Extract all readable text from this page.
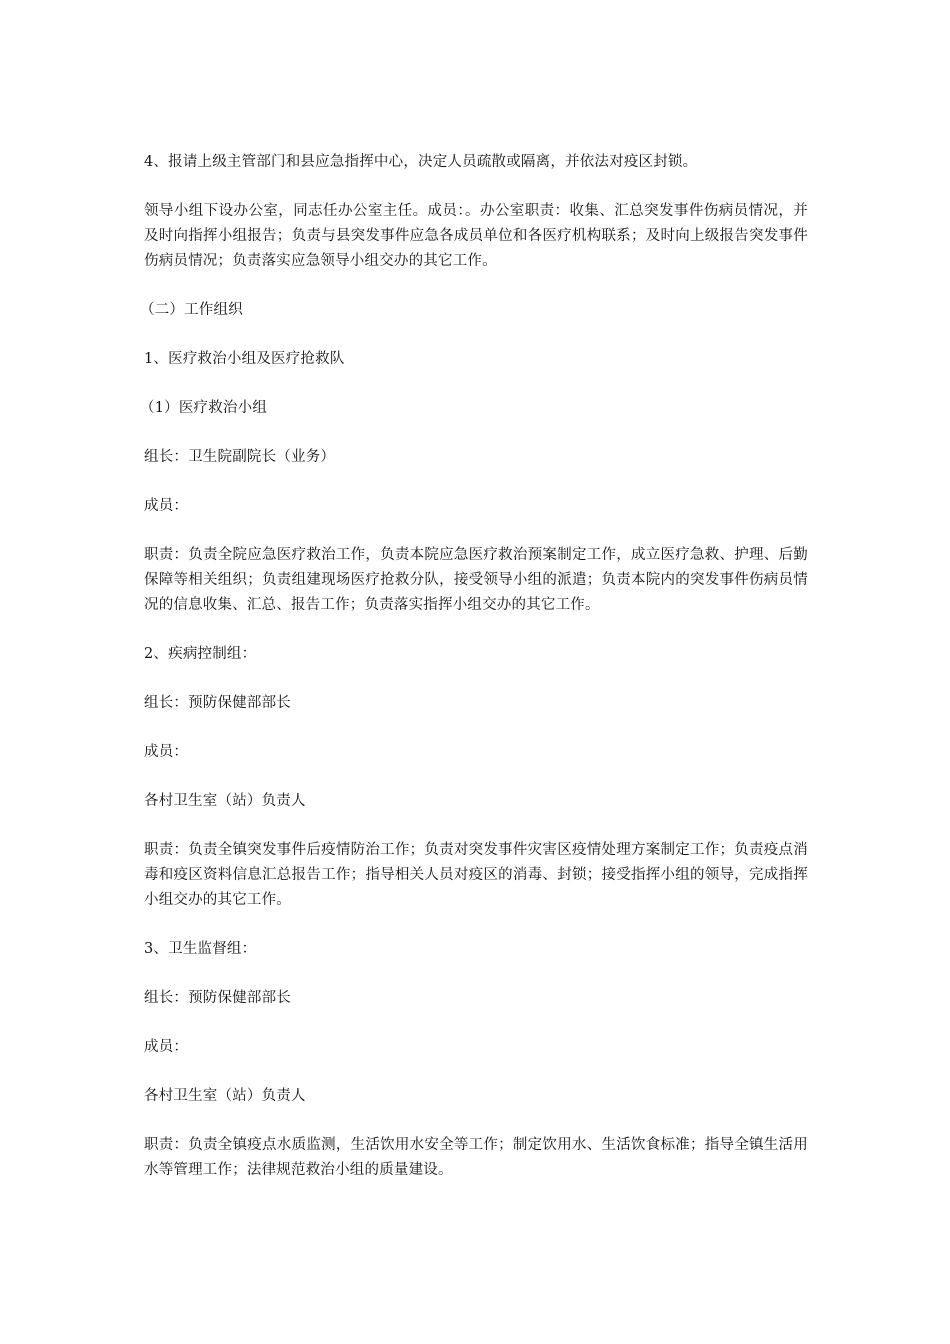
4、报请上级主管部门和县应急指挥中心，决定人员疏散或隔离，并依法对疫区封锁。

领导小组下设办公室，同志任办公室主任。成员：。办公室职责：收集、汇总突发事件伤病员情况，并及时向指挥小组报告；负责与县突发事件应急各成员单位和各医疗机构联系；及时向上级报告突发事件伤病员情况；负责落实应急领导小组交办的其它工作。

（二）工作组织

1、医疗救治小组及医疗抢救队

（1）医疗救治小组

组长：卫生院副院长（业务）

成员：

职责：负责全院应急医疗救治工作，负责本院应急医疗救治预案制定工作，成立医疗急救、护理、后勤保障等相关组织；负责组建现场医疗抢救分队，接受领导小组的派遣；负责本院内的突发事件伤病员情况的信息收集、汇总、报告工作；负责落实指挥小组交办的其它工作。

2、疾病控制组：

组长：预防保健部部长

成员：

各村卫生室（站）负责人

职责：负责全镇突发事件后疫情防治工作；负责对突发事件灾害区疫情处理方案制定工作；负责疫点消毒和疫区资料信息汇总报告工作；指导相关人员对疫区的消毒、封锁；接受指挥小组的领导，完成指挥小组交办的其它工作。

3、卫生监督组：

组长：预防保健部部长

成员：

各村卫生室（站）负责人

职责：负责全镇疫点水质监测，生活饮用水安全等工作；制定饮用水、生活饮食标准；指导全镇生活用水等管理工作；法律规范救治小组的质量建设。
